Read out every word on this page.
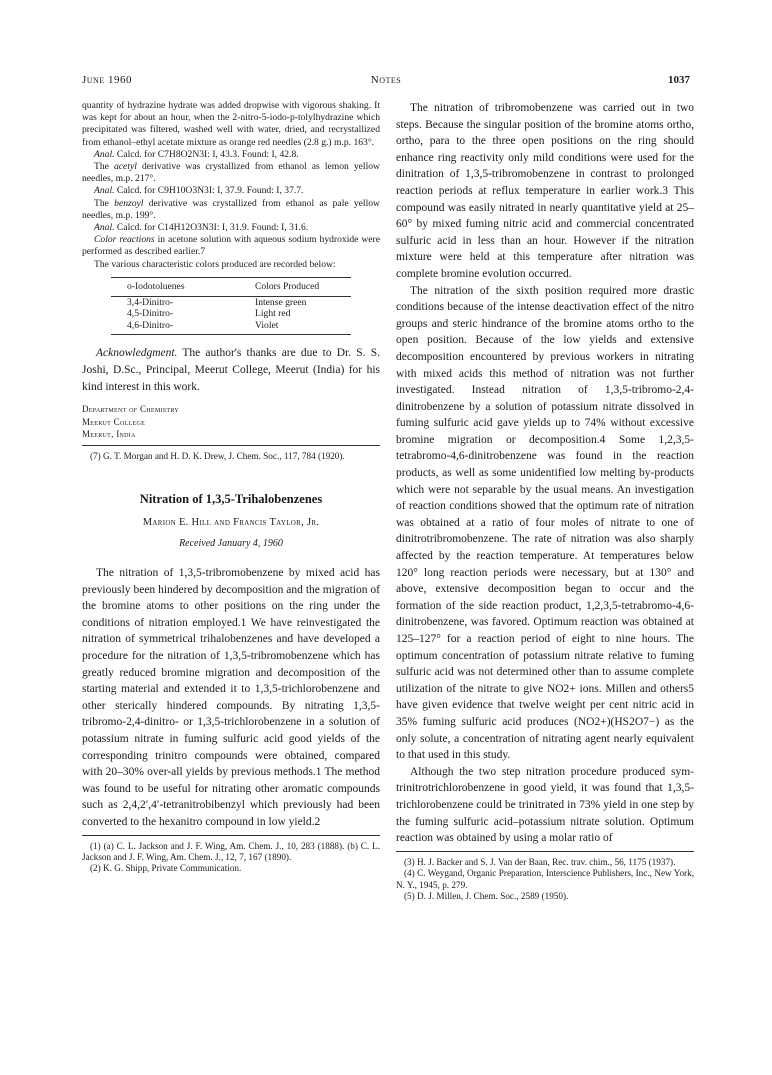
June 1960	Notes	1037

quantity of hydrazine hydrate was added dropwise with vigorous shaking. It was kept for about an hour, when the 2-nitro-5-iodo-p-tolylhydrazine which precipitated was filtered, washed well with water, dried, and recrystallized from ethanol–ethyl acetate mixture as orange red needles (2.8 g.) m.p. 163°.

Anal. Calcd. for C7H8O2N3I: I, 43.3. Found: I, 42.8.

The acetyl derivative was crystallized from ethanol as lemon yellow needles, m.p. 217°.

Anal. Calcd. for C9H10O3N3I: I, 37.9. Found: I, 37.7.

The benzoyl derivative was crystallized from ethanol as pale yellow needles, m.p. 199°.

Anal. Calcd. for C14H12O3N3I: I, 31.9. Found: I, 31.6.

Color reactions in acetone solution with aqueous sodium hydroxide were performed as described earlier.7

The various characteristic colors produced are recorded below:

o-Iodotoluenes	Colors Produced
3,4-Dinitro-	Intense green
4,5-Dinitro-	Light red
4,6-Dinitro-	Violet

Acknowledgment. The author's thanks are due to Dr. S. S. Joshi, D.Sc., Principal, Meerut College, Meerut (India) for his kind interest in this work.

Department of Chemistry
Meerut College
Meerut, India

(7) G. T. Morgan and H. D. K. Drew, J. Chem. Soc., 117, 784 (1920).

Nitration of 1,3,5-Trihalobenzenes
Marion E. Hill and Francis Taylor, Jr.
Received January 4, 1960

The nitration of 1,3,5-tribromobenzene by mixed acid has previously been hindered by decomposition and the migration of the bromine atoms to other positions on the ring under the conditions of nitration employed.1 We have reinvestigated the nitration of symmetrical trihalobenzenes and have developed a procedure for the nitration of 1,3,5-tribromobenzene which has greatly reduced bromine migration and decomposition of the starting material and extended it to 1,3,5-trichlorobenzene and other sterically hindered compounds. By nitrating 1,3,5-tribromo-2,4-dinitro- or 1,3,5-trichlorobenzene in a solution of potassium nitrate in fuming sulfuric acid good yields of the corresponding trinitro compounds were obtained, compared with 20–30% over-all yields by previous methods.1 The method was found to be useful for nitrating other aromatic compounds such as 2,4,2′,4′-tetranitrobibenzyl which previously had been converted to the hexanitro compound in low yield.2

(1) (a) C. L. Jackson and J. F. Wing, Am. Chem. J., 10, 283 (1888). (b) C. L. Jackson and J. F. Wing, Am. Chem. J., 12, 7, 167 (1890).

(2) K. G. Shipp, Private Communication.

The nitration of tribromobenzene was carried out in two steps. Because the singular position of the bromine atoms ortho, ortho, para to the three open positions on the ring should enhance ring reactivity only mild conditions were used for the dinitration of 1,3,5-tribromobenzene in contrast to prolonged reaction periods at reflux temperature in earlier work.3 This compound was easily nitrated in nearly quantitative yield at 25–60° by mixed fuming nitric acid and commercial concentrated sulfuric acid in less than an hour. However if the nitration mixture were held at this temperature after nitration was complete bromine evolution occurred.

The nitration of the sixth position required more drastic conditions because of the intense deactivation effect of the nitro groups and steric hindrance of the bromine atoms ortho to the open position. Because of the low yields and extensive decomposition encountered by previous workers in nitrating with mixed acids this method of nitration was not further investigated. Instead nitration of 1,3,5-tribromo-2,4-dinitrobenzene by a solution of potassium nitrate dissolved in fuming sulfuric acid gave yields up to 74% without excessive bromine migration or decomposition.4 Some 1,2,3,5-tetrabromo-4,6-dinitrobenzene was found in the reaction products, as well as some unidentified low melting by-products which were not separable by the usual means. An investigation of reaction conditions showed that the optimum rate of nitration was obtained at a ratio of four moles of nitrate to one of dinitrotribromobenzene. The rate of nitration was also sharply affected by the reaction temperature. At temperatures below 120° long reaction periods were necessary, but at 130° and above, extensive decomposition began to occur and the formation of the side reaction product, 1,2,3,5-tetrabromo-4,6-dinitrobenzene, was favored. Optimum reaction was obtained at 125–127° for a reaction period of eight to nine hours. The optimum concentration of potassium nitrate relative to fuming sulfuric acid was not determined other than to assume complete utilization of the nitrate to give NO2+ ions. Millen and others5 have given evidence that twelve weight per cent nitric acid in 35% fuming sulfuric acid produces (NO2+)(HS2O7−) as the only solute, a concentration of nitrating agent nearly equivalent to that used in this study.

Although the two step nitration procedure produced sym-trinitrotrichlorobenzene in good yield, it was found that 1,3,5-trichlorobenzene could be trinitrated in 73% yield in one step by the fuming sulfuric acid–potassium nitrate solution. Optimum reaction was obtained by using a molar ratio of

(3) H. J. Backer and S. J. Van der Baan, Rec. trav. chim., 56, 1175 (1937).

(4) C. Weygand, Organic Preparation, Interscience Publishers, Inc., New York, N. Y., 1945, p. 279.

(5) D. J. Millen, J. Chem. Soc., 2589 (1950).
